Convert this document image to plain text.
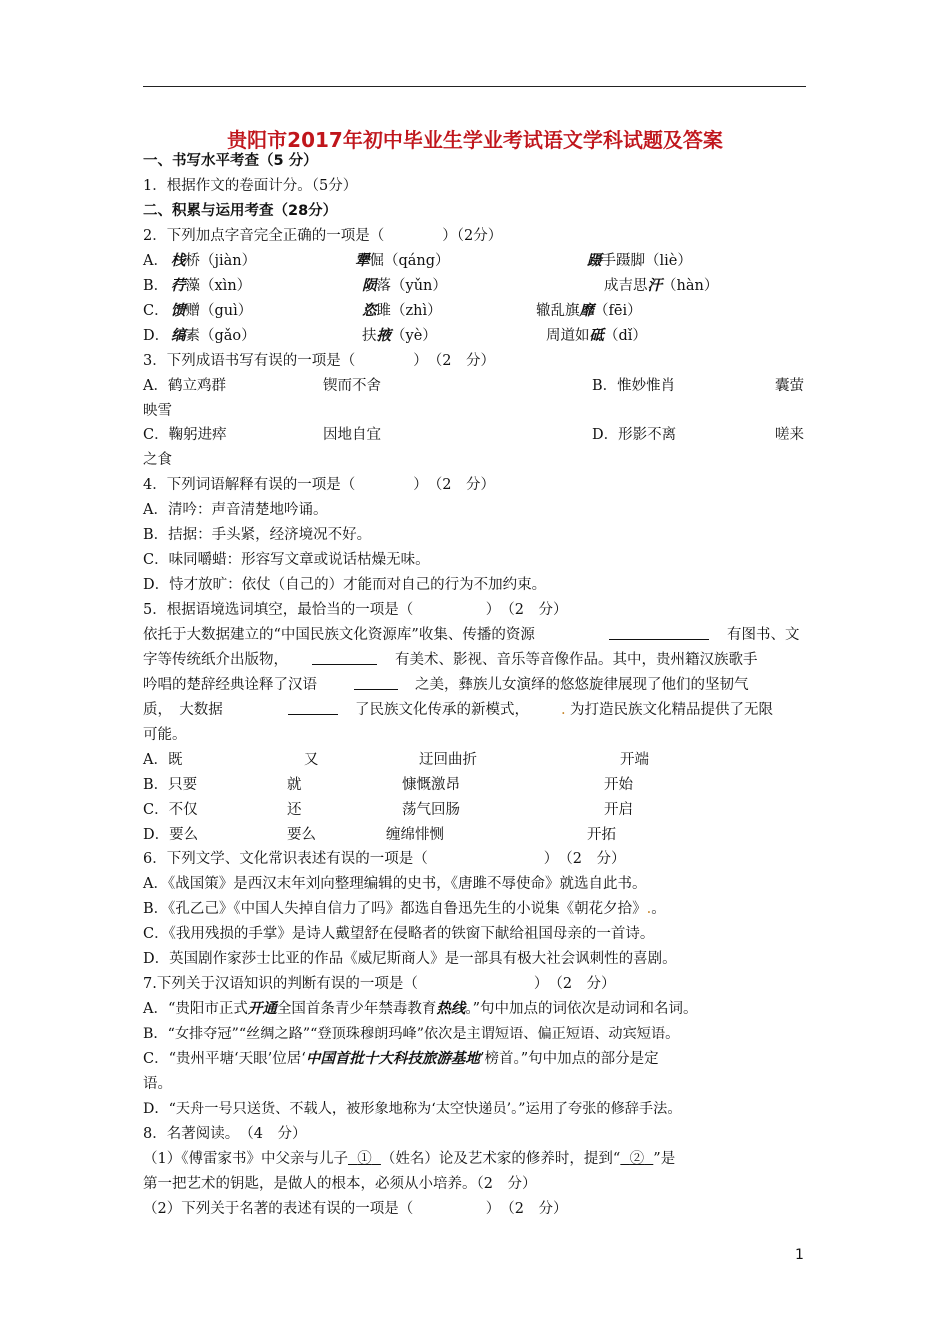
贵阳市2017年初中毕业生学业考试语文学科试题及答案
一、书写水平考查（5 分）
1．根据作文的卷面计分。（5分）
二、积累与运用考查（28分）
2．下列加点字音完全正确的一项是（　　　　）（2分）
A． 栈桥（jiàn）	犟倔（qáng）	蹑手蹑脚（liè）
B． 荇藻（xìn）	陨落（yǔn）	成吉思汗（hàn）
C． 馈赠（guì）	恣雎（zhì）	辙乱旗靡（fēi）
D． 缟素（gǎo）	扶掖（yè）	周道如砥（dǐ）
3．下列成语书写有误的一项是（　　　　）　（2　分）
A．鹤立鸡群	锲而不舍	B．惟妙惟肖	囊萤
映雪
C．鞠躬进瘁	因地自宜	D．形影不离	嗟来
之食
4．下列词语解释有误的一项是（　　　　）　（2　分）
A．清吟：声音清楚地吟诵。
B．拮据：手头紧，经济境况不好。
C．味同嚼蜡：形容写文章或说话枯燥无味。
D．恃才放旷：依仗（自己的）才能而对自己的行为不加约束。
5．根据语境选词填空，最恰当的一项是（　　　　　）　（2　分）
依托于大数据建立的“中国民族文化资源库”收集、传播的资源	有图书、文
字等传统纸介出版物，	有美术、影视、音乐等音像作品。其中，贵州籍汉族歌手
吟唱的楚辞经典诠释了汉语	之美，彝族儿女演绎的悠悠旋律展现了他们的坚韧气
质，　大数据	了民族文化传承的新模式， . 为打造民族文化精品提供了无限
可能。
A．既	又	迂回曲折	开端
B．只要	就	慷慨激昂	开始
C．不仅	还	荡气回肠	开启
D．要么	要么	缠绵悱恻	开拓
6．下列文学、文化常识表述有误的一项是（　　　　　　　　）　（2　分）
A．《战国策》是西汉末年刘向整理编辑的史书，《唐雎不辱使命》就选自此书。
B．《孔乙己》《中国人失掉自信力了吗》都选自鲁迅先生的小说集《朝花夕拾》.。
C．《我用残损的手掌》是诗人戴望舒在侵略者的铁窗下献给祖国母亲的一首诗。
D．英国剧作家莎士比亚的作品《威尼斯商人》是一部具有极大社会讽刺性的喜剧。
7.下列关于汉语知识的判断有误的一项是（　　　　　　　　）　（2　分）
A．“贵阳市正式开通全国首条青少年禁毒教育热线。”句中加点的词依次是动词和名词。
B．“女排夺冠”“丝绸之路”“登顶珠穆朗玛峰”依次是主谓短语、偏正短语、动宾短语。
C．“贵州平塘‘天眼’位居‘中国首批十大科技旅游基地’榜首。”句中加点的部分是定
语。
D．“天舟一号只送货、不载人，被形象地称为‘太空快递员’。”运用了夸张的修辞手法。
8．名著阅读。　（4　分）
（1）《傅雷家书》中父亲与儿子 ① （姓名）论及艺术家的修养时，提到“ ② ”是
第一把艺术的钥匙，是做人的根本，必须从小培养。（2　分）
（2）下列关于名著的表述有误的一项是（　　　　　）　（2　分）
1
